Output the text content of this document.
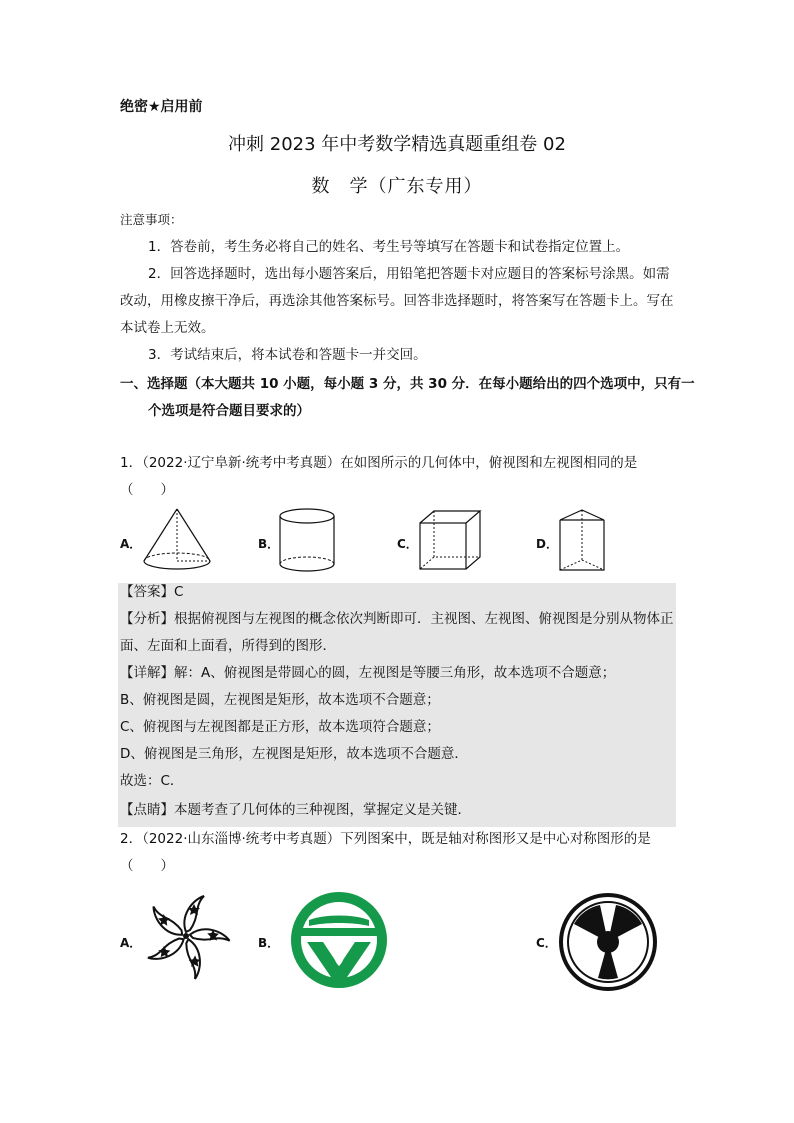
绝密★启用前
冲刺 2023 年中考数学精选真题重组卷 02
数　学（广东专用）
注意事项：
1．答卷前，考生务必将自己的姓名、考生号等填写在答题卡和试卷指定位置上。
2．回答选择题时，选出每小题答案后，用铅笔把答题卡对应题目的答案标号涂黑。如需改动，用橡皮擦干净后，再选涂其他答案标号。回答非选择题时，将答案写在答题卡上。写在本试卷上无效。
3．考试结束后，将本试卷和答题卡一并交回。
一、选择题（本大题共 10 小题，每小题 3 分，共 30 分．在每小题给出的四个选项中，只有一个选项是符合题目要求的）
1．（2022·辽宁阜新·统考中考真题）在如图所示的几何体中，俯视图和左视图相同的是（　　）
A．	B．	C．	D．
【答案】C
【分析】根据俯视图与左视图的概念依次判断即可．主视图、左视图、俯视图是分别从物体正面、左面和上面看，所得到的图形．
【详解】解：A、俯视图是带圆心的圆，左视图是等腰三角形，故本选项不合题意；
B、俯视图是圆，左视图是矩形，故本选项不合题意；
C、俯视图与左视图都是正方形，故本选项符合题意；
D、俯视图是三角形，左视图是矩形，故本选项不合题意．
故选：C．
【点睛】本题考查了几何体的三种视图，掌握定义是关键．
2．（2022·山东淄博·统考中考真题）下列图案中，既是轴对称图形又是中心对称图形的是（　　）
A．	B．	C．
